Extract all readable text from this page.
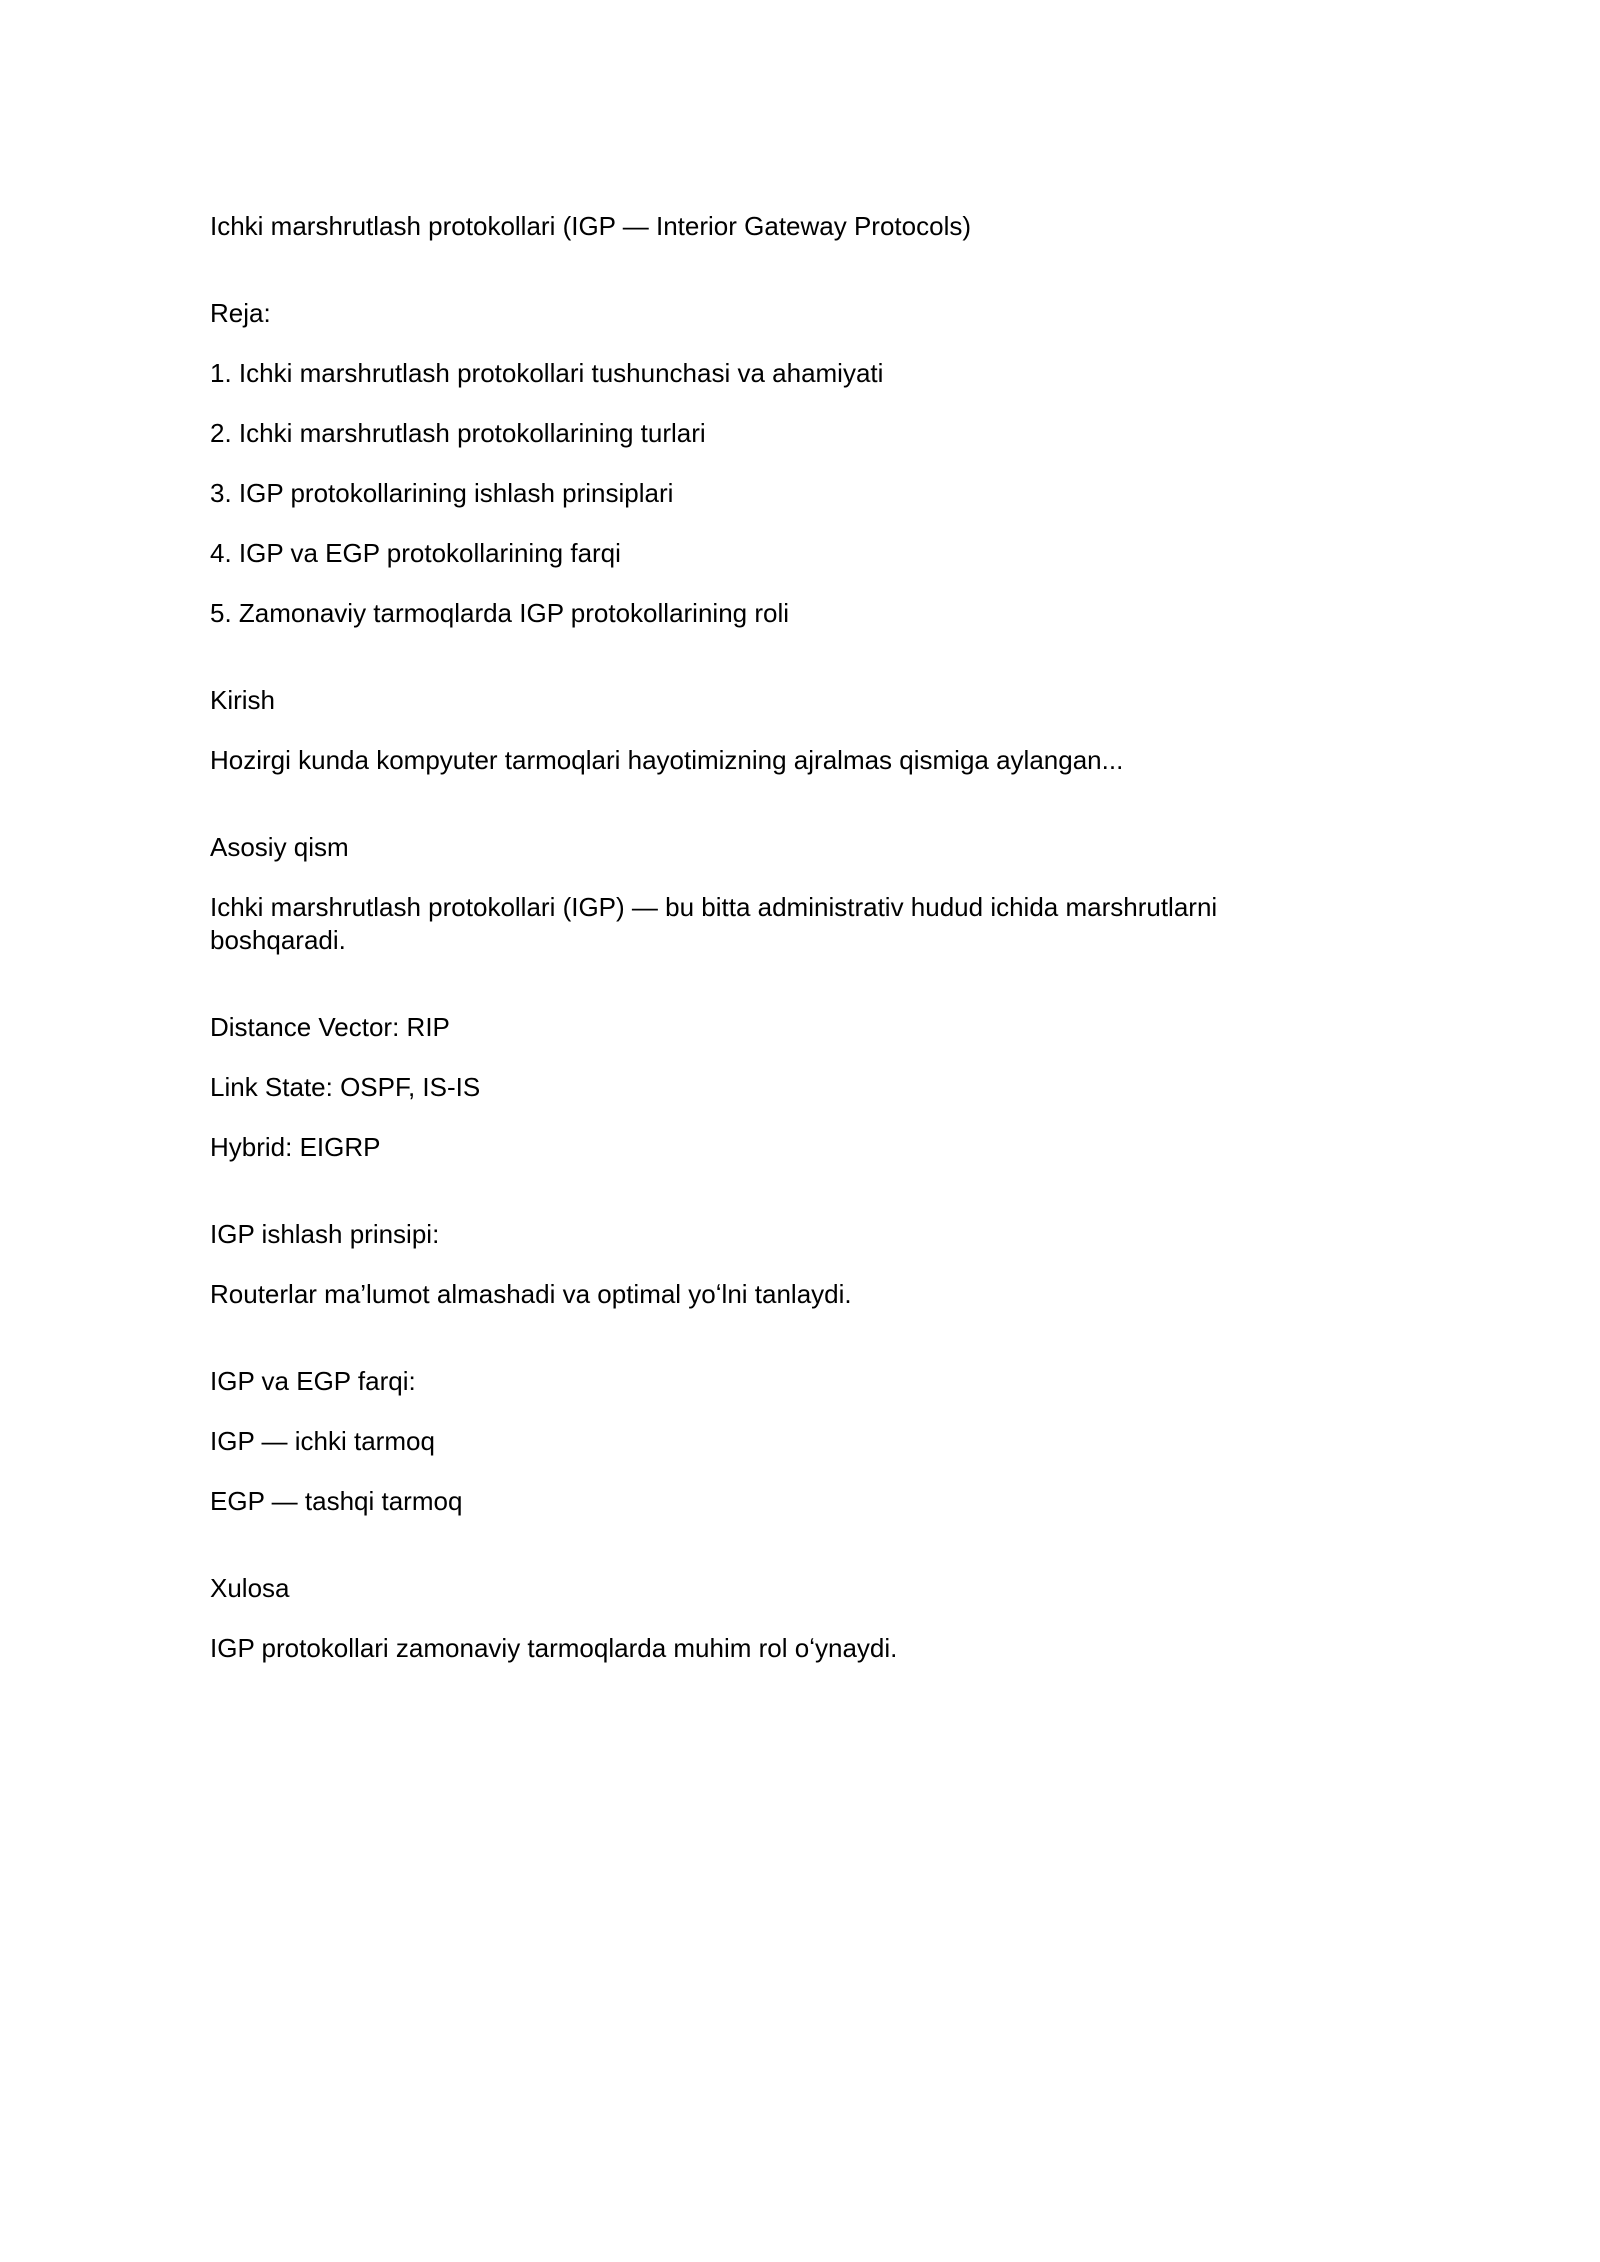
Ichki marshrutlash protokollari (IGP — Interior Gateway Protocols)

Reja:

1. Ichki marshrutlash protokollari tushunchasi va ahamiyati

2. Ichki marshrutlash protokollarining turlari

3. IGP protokollarining ishlash prinsiplari

4. IGP va EGP protokollarining farqi

5. Zamonaviy tarmoqlarda IGP protokollarining roli

Kirish

Hozirgi kunda kompyuter tarmoqlari hayotimizning ajralmas qismiga aylangan...

Asosiy qism

Ichki marshrutlash protokollari (IGP) — bu bitta administrativ hudud ichida marshrutlarni boshqaradi.

Distance Vector: RIP

Link State: OSPF, IS-IS

Hybrid: EIGRP

IGP ishlash prinsipi:

Routerlar ma’lumot almashadi va optimal yoʻlni tanlaydi.

IGP va EGP farqi:

IGP — ichki tarmoq

EGP — tashqi tarmoq

Xulosa

IGP protokollari zamonaviy tarmoqlarda muhim rol oʻynaydi.
